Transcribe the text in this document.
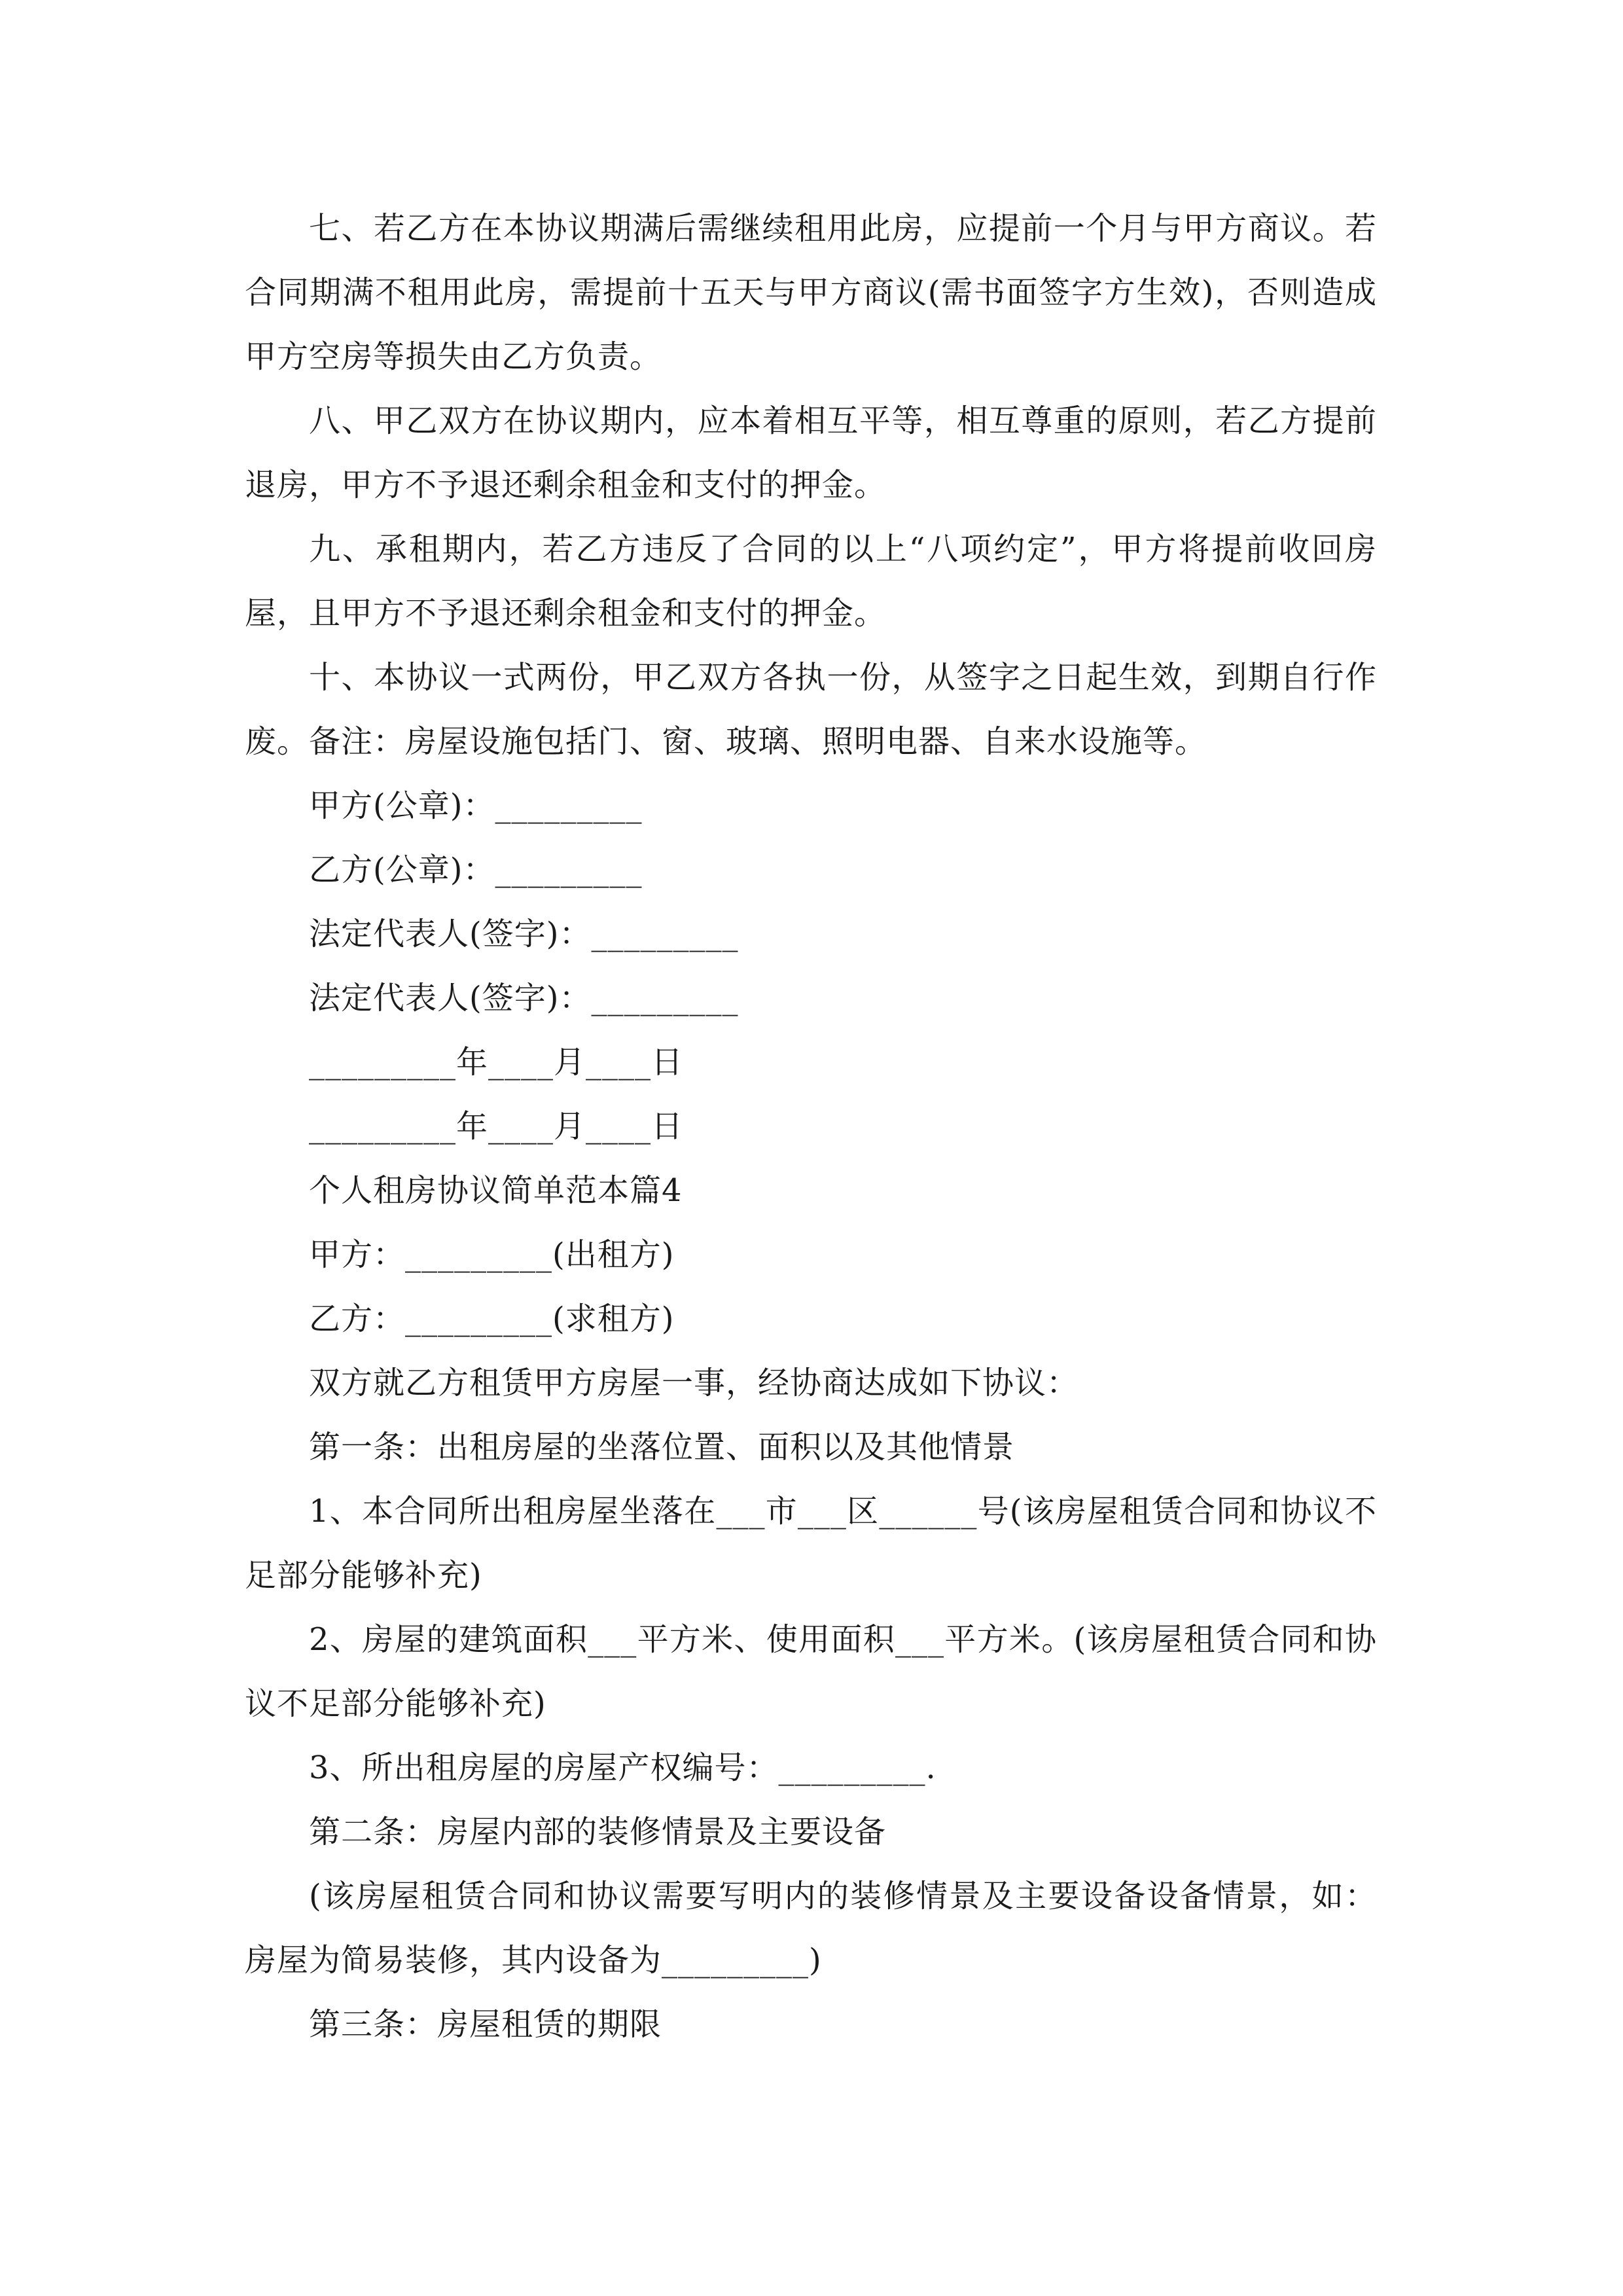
七、若乙方在本协议期满后需继续租用此房，应提前一个月与甲方商议。若合同期满不租用此房，需提前十五天与甲方商议(需书面签字方生效)，否则造成甲方空房等损失由乙方负责。

八、甲乙双方在协议期内，应本着相互平等，相互尊重的原则，若乙方提前退房，甲方不予退还剩余租金和支付的押金。

九、承租期内，若乙方违反了合同的以上“八项约定”，甲方将提前收回房屋，且甲方不予退还剩余租金和支付的押金。

十、本协议一式两份，甲乙双方各执一份，从签字之日起生效，到期自行作废。备注：房屋设施包括门、窗、玻璃、照明电器、自来水设施等。

甲方(公章)：_________

乙方(公章)：_________

法定代表人(签字)：_________

法定代表人(签字)：_________

_________年____月____日

_________年____月____日

个人租房协议简单范本篇4

甲方：_________(出租方)

乙方：_________(求租方)

双方就乙方租赁甲方房屋一事，经协商达成如下协议：

第一条：出租房屋的坐落位置、面积以及其他情景

1、本合同所出租房屋坐落在___市___区______号(该房屋租赁合同和协议不足部分能够补充)

2、房屋的建筑面积___平方米、使用面积___平方米。(该房屋租赁合同和协议不足部分能够补充)

3、所出租房屋的房屋产权编号：_________.

第二条：房屋内部的装修情景及主要设备

(该房屋租赁合同和协议需要写明内的装修情景及主要设备设备情景，如：房屋为简易装修，其内设备为_________)

第三条：房屋租赁的期限
